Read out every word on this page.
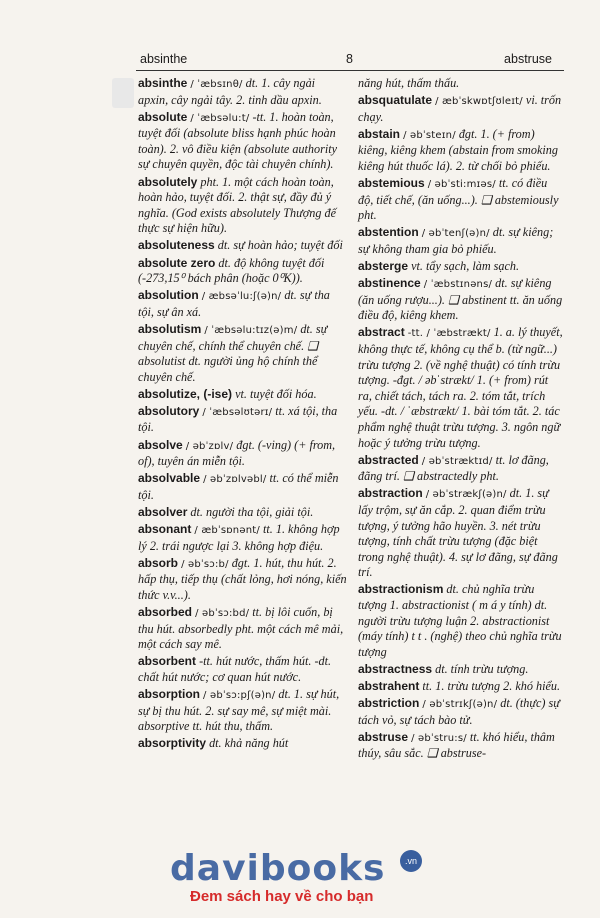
absinthe	8	abstruse
absinthe / ˈæbsɪnθ/ dt. 1. cây ngải apxin, cây ngải tây. 2. tinh dầu apxin.
absolute / ˈæbsəlu:t/ -tt. 1. hoàn toàn, tuyệt đối (absolute bliss hạnh phúc hoàn toàn). 2. vô điều kiện (absolute authority sự chuyên quyền, độc tài chuyên chính).
absolutely pht. 1. một cách hoàn toàn, hoàn hảo, tuyệt đối. 2. thật sự, đầy đủ ý nghĩa. (God exists absolutely Thượng đế thực sự hiện hữu).
absoluteness dt. sự hoàn hảo; tuyệt đối
absolute zero dt. độ không tuyệt đối (-273,15⁰ bách phân (hoặc 0⁰K)).
absolution / æbsəˈlu:ʃ(ə)n/ dt. sự tha tội, sự ân xá.
absolutism / ˈæbsəlu:tɪz(ə)m/ dt. sự chuyên chế, chính thể chuyên chế. ❑ absolutist dt. người ủng hộ chính thể chuyên chế.
absolutize, (-ise) vt. tuyệt đối hóa.
absolutory / ˈæbsəlʊtərɪ/ tt. xá tội, tha tội.
absolve / əbˈzɒlv/ đgt. (-ving) (+ from, of), tuyên án miễn tội.
absolvable / əbˈzɒlvəbl/ tt. có thể miễn tội.
absolver dt. người tha tội, giải tội.
absonant / æbˈsɒnənt/ tt. 1. không hợp lý 2. trái ngược lại 3. không hợp điệu.
absorb / əbˈsɔ:b/ đgt. 1. hút, thu hút. 2. hấp thụ, tiếp thụ (chất lỏng, hơi nóng, kiến thức v.v...).
absorbed / əbˈsɔ:bd/ tt. bị lôi cuốn, bị thu hút. absorbedly pht. một cách mê mải, một cách say mê.
absorbent -tt. hút nước, thấm hút. -dt. chất hút nước; cơ quan hút nước.
absorption / əbˈsɔ:pʃ(ə)n/ dt. 1. sự hút, sự bị thu hút. 2. sự say mê, sự miệt mài. absorptive tt. hút thu, thấm.
absorptivity dt. khả năng hút
năng hút, thấm thấu.
absquatulate / æbˈskwɒtʃʊleɪt/ vi. trốn chạy.
abstain / əbˈsteɪn/ đgt. 1. (+ from) kiêng, kiêng khem (abstain from smoking kiêng hút thuốc lá). 2. từ chối bỏ phiếu.
abstemious / əbˈsti:mɪəs/ tt. có điều độ, tiết chế, (ăn uống...). ❑ abstemiously pht.
abstention / əbˈtenʃ(ə)n/ dt. sự kiêng; sự không tham gia bỏ phiếu.
absterge vt. tẩy sạch, làm sạch.
abstinence / ˈæbstɪnəns/ dt. sự kiêng (ăn uống rượu...). ❑ abstinent tt. ăn uống điều độ, kiêng khem.
abstract -tt. / ˈæbstrækt/ 1. a. lý thuyết, không thực tế, không cụ thể b. (từ ngữ...) trừu tượng 2. (về nghệ thuật) có tính trừu tượng. -đgt. / əbˈstrækt/ 1. (+ from) rút ra, chiết tách, tách ra. 2. tóm tắt, trích yếu. -dt. / ˈæbstrækt/ 1. bài tóm tắt. 2. tác phẩm nghệ thuật trừu tượng. 3. ngôn ngữ hoặc ý tưởng trừu tượng.
abstracted / əbˈstræktɪd/ tt. lơ đãng, đãng trí. ❑ abstractedly pht.
abstraction / əbˈstrækʃ(ə)n/ dt. 1. sự lấy trộm, sự ăn cắp. 2. quan điểm trừu tượng, ý tưởng hão huyền. 3. nét trừu tượng, tính chất trừu tượng (đặc biệt trong nghệ thuật). 4. sự lơ đãng, sự đãng trí.
abstractionism dt. chủ nghĩa trừu tượng 1. abstractionist ( m á y tính) dt. người trừu tượng luận 2. abstractionist (máy tính) t t . (nghệ) theo chủ nghĩa trừu tượng
abstractness dt. tính trừu tượng.
abstrahent tt. 1. trừu tượng 2. khó hiểu.
abstriction / əbˈstrɪkʃ(ə)n/ dt. (thực) sự tách vỏ, sự tách bào tử.
abstruse / əbˈstru:s/ tt. khó hiểu, thâm thúy, sâu sắc. ❑ abstruse-
davibooks	.vn
Đem sách hay về cho bạn
